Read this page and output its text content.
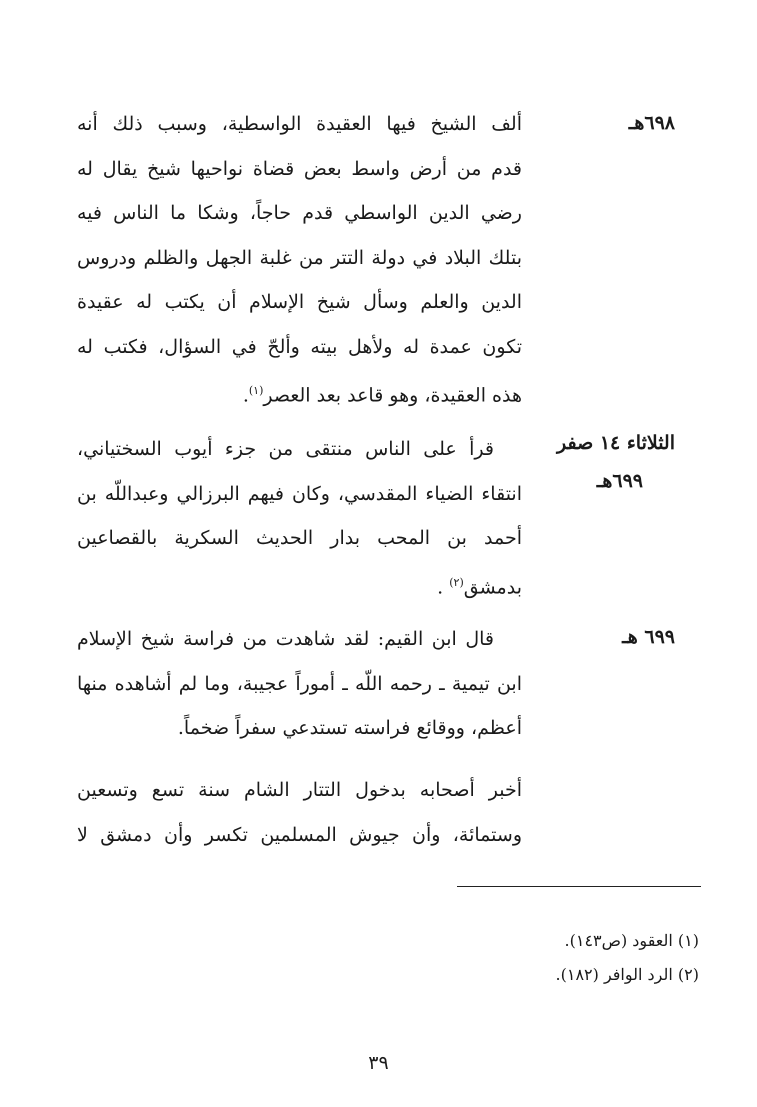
٦٩٨هـ
ألف الشيخ فيها العقيدة الواسطية، وسبب ذلك أنه
قدم من أرض واسط بعض قضاة نواحيها شيخ يقال له
رضي الدين الواسطي قدم حاجاً، وشكا ما الناس فيه
بتلك البلاد في دولة التتر من غلبة الجهل والظلم ودروس
الدين والعلم وسأل شيخ الإسلام أن يكتب له عقيدة
تكون عمدة له ولأهل بيته وألحّ في السؤال، فكتب له
هذه العقيدة، وهو قاعد بعد العصر$^{(١)}$.
الثلاثاء ١٤ صفر
٦٩٩هـ
قرأ على الناس منتقى من جزء أيوب السختياني،
انتقاء الضياء المقدسي، وكان فيهم البرزالي وعبداللّه بن
أحمد بن المحب بدار الحديث السكرية بالقصاعين
بدمشق$^{(٢)}$ .
٦٩٩ هـ
قال ابن القيم: لقد شاهدت من فراسة شيخ الإسلام
ابن تيمية ـ رحمه اللّه ـ أموراً عجيبة، وما لم أشاهده منها
أعظم، ووقائع فراسته تستدعي سفراً ضخماً.
أخبر أصحابه بدخول التتار الشام سنة تسع وتسعين
وستمائة، وأن جيوش المسلمين تكسر وأن دمشق لا
(١) العقود (ص١٤٣).
(٢) الرد الوافر (١٨٢).
٣٩
